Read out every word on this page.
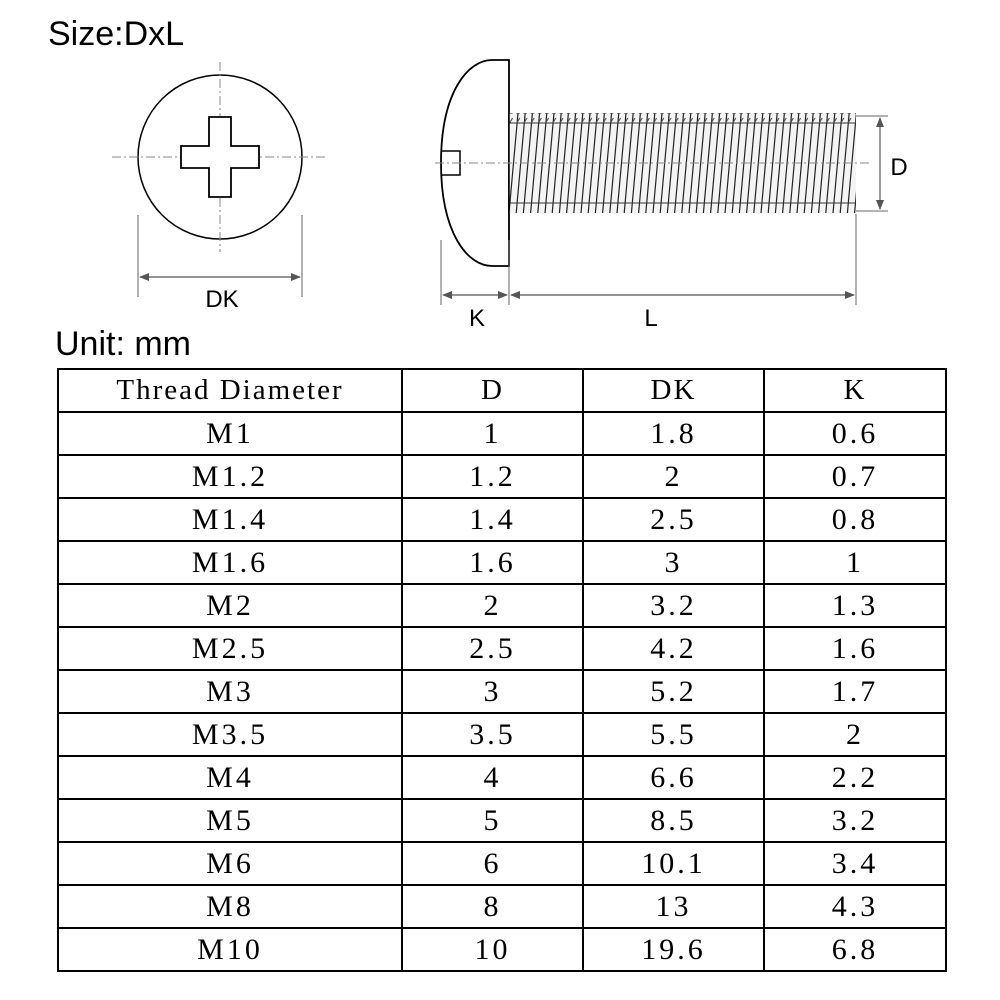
Size:DxL
DK
D
K	L
Unit: mm
Thread Diameter	D	DK	K
M1	1	1.8	0.6
M1.2	1.2	2	0.7
M1.4	1.4	2.5	0.8
M1.6	1.6	3	1
M2	2	3.2	1.3
M2.5	2.5	4.2	1.6
M3	3	5.2	1.7
M3.5	3.5	5.5	2
M4	4	6.6	2.2
M5	5	8.5	3.2
M6	6	10.1	3.4
M8	8	13	4.3
M10	10	19.6	6.8
